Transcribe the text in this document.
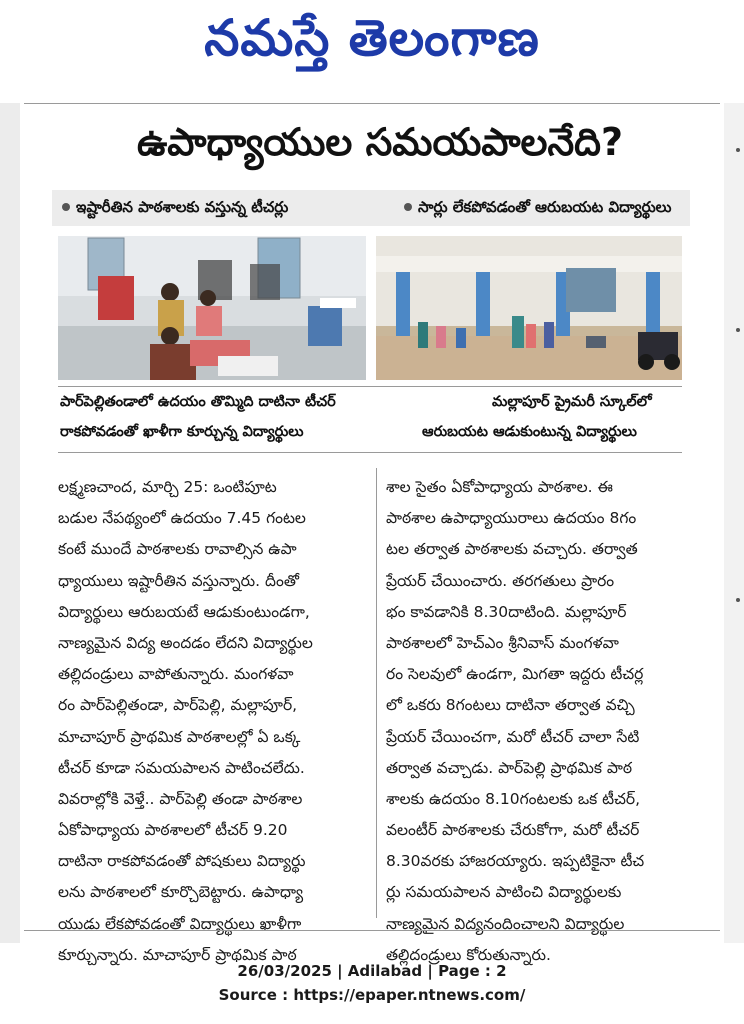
నమస్తే తెలంగాణ
ఉపాధ్యాయుల సమయపాలనేది?
ఇష్టారీతిన పాఠశాలకు వస్తున్న టీచర్లు	సార్లు లేకపోవడంతో ఆరుబయట విద్యార్థులు
పార్‌పెల్లితండాలో ఉదయం తొమ్మిది దాటినా టీచర్
రాకపోవడంతో ఖాళీగా కూర్చున్న విద్యార్థులు
మల్లాపూర్ ప్రైమరీ స్కూల్‌లో
ఆరుబయట ఆడుకుంటున్న విద్యార్థులు
లక్ష్మణచాంద, మార్చి 25: ఒంటిపూట
బడుల నేపథ్యంలో ఉదయం 7.45 గంటల
కంటే ముందే పాఠశాలకు రావాల్సిన ఉపా
ధ్యాయులు ఇష్టారీతిన వస్తున్నారు. దీంతో
విద్యార్థులు ఆరుబయటే ఆడుకుంటుండగా,
నాణ్యమైన విద్య అందడం లేదని విద్యార్థుల
తల్లిదండ్రులు వాపోతున్నారు. మంగళవా
రం పార్‌పెల్లితండా, పార్‌పెల్లి, మల్లాపూర్,
మాచాపూర్ ప్రాథమిక పాఠశాలల్లో ఏ ఒక్క
టీచర్ కూడా సమయపాలన పాటించలేదు.
వివరాల్లోకి వెళ్తే.. పార్‌పెల్లి తండా పాఠశాల
ఏకోపాధ్యాయ పాఠశాలలో టీచర్ 9.20
దాటినా రాకపోవడంతో పోషకులు విద్యార్థు
లను పాఠశాలలో కూర్చొబెట్టారు. ఉపాధ్యా
యుడు లేకపోవడంతో విద్యార్థులు ఖాళీగా
కూర్చున్నారు. మాచాపూర్ ప్రాథమిక పాఠ
శాల సైతం ఏకోపాధ్యాయ పాఠశాల. ఈ
పాఠశాల ఉపాధ్యాయురాలు ఉదయం 8గం
టల తర్వాత పాఠశాలకు వచ్చారు. తర్వాత
ప్రేయర్ చేయించారు. తరగతులు ప్రారం
భం కావడానికి 8.30దాటింది. మల్లాపూర్
పాఠశాలలో హెచ్‌ఎం శ్రీనివాస్ మంగళవా
రం సెలవులో ఉండగా, మిగతా ఇద్దరు టీచర్ల
లో ఒకరు 8గంటలు దాటినా తర్వాత వచ్చి
ప్రేయర్ చేయించగా, మరో టీచర్ చాలా సేటి
తర్వాత వచ్చాడు. పార్‌పెల్లి ప్రాథమిక పాఠ
శాలకు ఉదయం 8.10గంటలకు ఒక టీచర్,
వలంటీర్ పాఠశాలకు చేరుకోగా, మరో టీచర్
8.30వరకు హాజరయ్యారు. ఇప్పటికైనా టీచ
ర్లు సమయపాలన పాటించి విద్యార్థులకు
నాణ్యమైన విద్యనందించాలని విద్యార్థుల
తల్లిదండ్రులు కోరుతున్నారు.
26/03/2025 | Adilabad | Page : 2
Source : https://epaper.ntnews.com/
